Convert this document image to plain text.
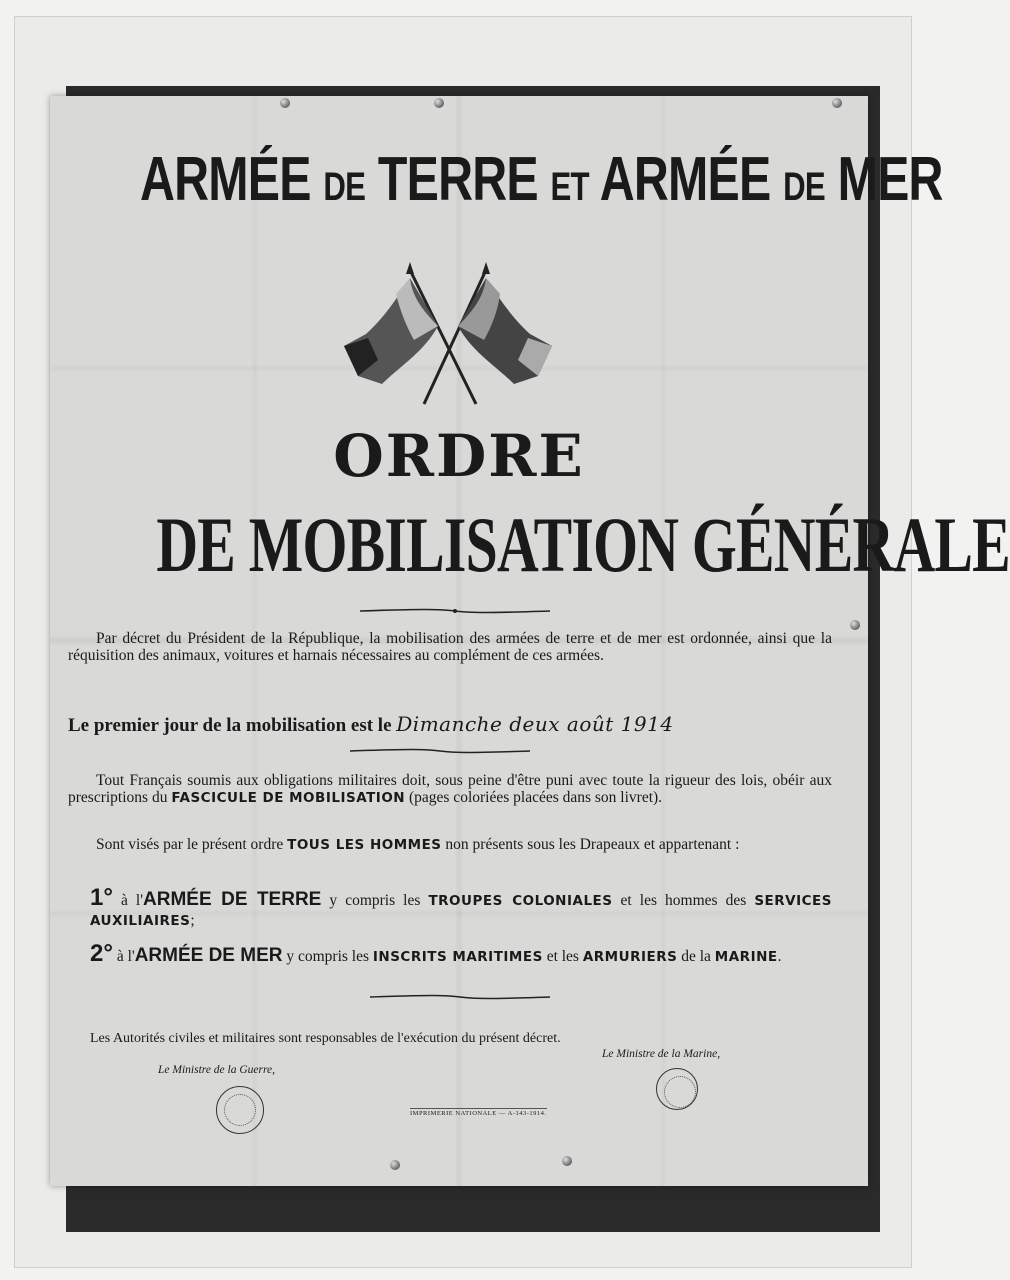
ARMÉE DE TERRE ET ARMÉE DE MER
ORDRE
DE MOBILISATION GÉNÉRALE

Par décret du Président de la République, la mobilisation des armées de terre et de mer est ordonnée, ainsi que la réquisition des animaux, voitures et harnais nécessaires au complément de ces armées.

Le premier jour de la mobilisation est le Dimanche deux août 1914

Tout Français soumis aux obligations militaires doit, sous peine d'être puni avec toute la rigueur des lois, obéir aux prescriptions du FASCICULE DE MOBILISATION (pages coloriées placées dans son livret).

Sont visés par le présent ordre TOUS LES HOMMES non présents sous les Drapeaux et appartenant :

1° à l'ARMÉE DE TERRE y compris les TROUPES COLONIALES et les hommes des SERVICES AUXILIAIRES;

2° à l'ARMÉE DE MER y compris les INSCRITS MARITIMES et les ARMURIERS de la MARINE.

Les Autorités civiles et militaires sont responsables de l'exécution du présent décret.

Le Ministre de la Guerre,
Le Ministre de la Marine,
IMPRIMERIE NATIONALE — A-143-1914.
